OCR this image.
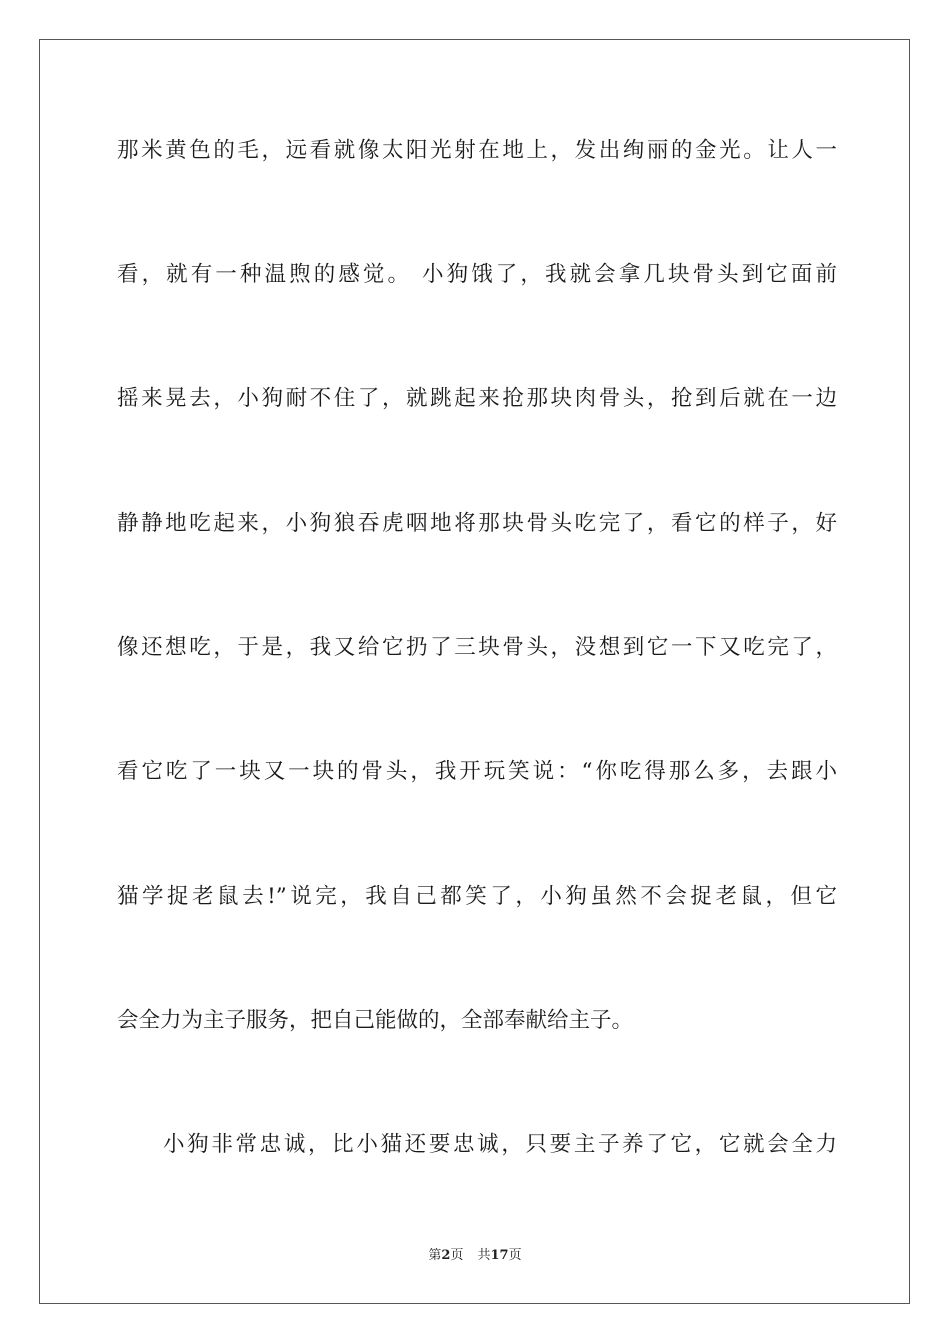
那米黄色的毛，远看就像太阳光射在地上，发出绚丽的金光。让人一
看，就有一种温煦的感觉。 小狗饿了，我就会拿几块骨头到它面前
摇来晃去，小狗耐不住了，就跳起来抢那块肉骨头，抢到后就在一边
静静地吃起来，小狗狼吞虎咽地将那块骨头吃完了，看它的样子，好
像还想吃，于是，我又给它扔了三块骨头，没想到它一下又吃完了，
看它吃了一块又一块的骨头，我开玩笑说：“你吃得那么多，去跟小
猫学捉老鼠去!”说完，我自己都笑了，小狗虽然不会捉老鼠，但它
会全力为主子服务，把自己能做的，全部奉献给主子。
小狗非常忠诚，比小猫还要忠诚，只要主子养了它，它就会全力
第2页 共17页
